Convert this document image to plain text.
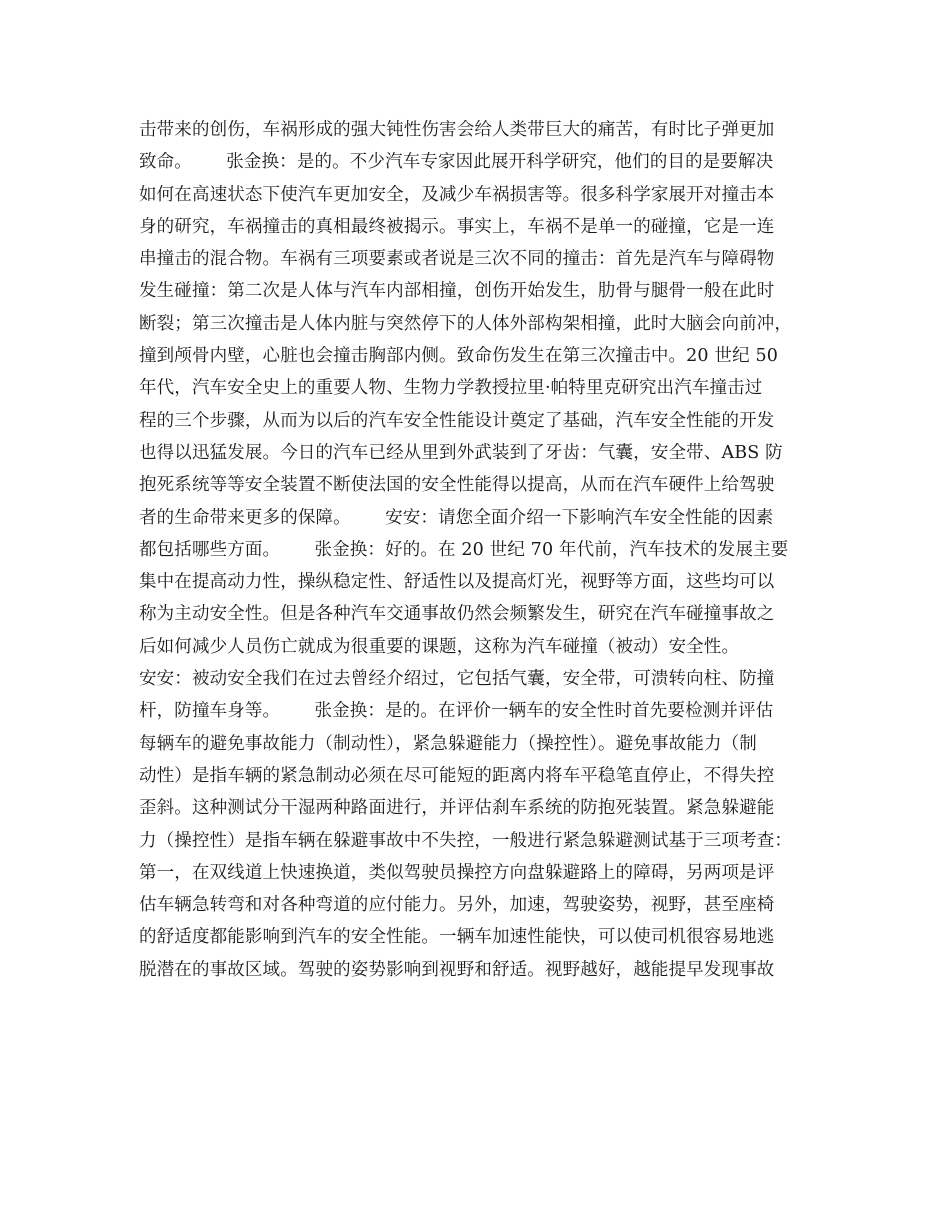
击带来的创伤，车祸形成的强大钝性伤害会给人类带巨大的痛苦，有时比子弹更加
致命。      张金换：是的。不少汽车专家因此展开科学研究，他们的目的是要解决
如何在高速状态下使汽车更加安全，及减少车祸损害等。很多科学家展开对撞击本
身的研究，车祸撞击的真相最终被揭示。事实上，车祸不是单一的碰撞，它是一连
串撞击的混合物。车祸有三项要素或者说是三次不同的撞击：首先是汽车与障碍物
发生碰撞：第二次是人体与汽车内部相撞，创伤开始发生，肋骨与腿骨一般在此时
断裂；第三次撞击是人体内脏与突然停下的人体外部构架相撞，此时大脑会向前冲，
撞到颅骨内壁，心脏也会撞击胸部内侧。致命伤发生在第三次撞击中。20 世纪 50
年代，汽车安全史上的重要人物、生物力学教授拉里·帕特里克研究出汽车撞击过
程的三个步骤，从而为以后的汽车安全性能设计奠定了基础，汽车安全性能的开发
也得以迅猛发展。今日的汽车已经从里到外武装到了牙齿：气囊，安全带、ABS 防
抱死系统等等安全装置不断使法国的安全性能得以提高，从而在汽车硬件上给驾驶
者的生命带来更多的保障。      安安：请您全面介绍一下影响汽车安全性能的因素
都包括哪些方面。      张金换：好的。在 20 世纪 70 年代前，汽车技术的发展主要
集中在提高动力性，操纵稳定性、舒适性以及提高灯光，视野等方面，这些均可以
称为主动安全性。但是各种汽车交通事故仍然会频繁发生，研究在汽车碰撞事故之
后如何减少人员伤亡就成为很重要的课题，这称为汽车碰撞（被动）安全性。
安安：被动安全我们在过去曾经介绍过，它包括气囊，安全带，可溃转向柱、防撞
杆，防撞车身等。      张金换：是的。在评价一辆车的安全性时首先要检测并评估
每辆车的避免事故能力（制动性），紧急躲避能力（操控性）。避免事故能力（制
动性）是指车辆的紧急制动必须在尽可能短的距离内将车平稳笔直停止，不得失控
歪斜。这种测试分干湿两种路面进行，并评估刹车系统的防抱死装置。紧急躲避能
力（操控性）是指车辆在躲避事故中不失控，一般进行紧急躲避测试基于三项考查：
第一，在双线道上快速换道，类似驾驶员操控方向盘躲避路上的障碍，另两项是评
估车辆急转弯和对各种弯道的应付能力。另外，加速，驾驶姿势，视野，甚至座椅
的舒适度都能影响到汽车的安全性能。一辆车加速性能快，可以使司机很容易地逃
脱潜在的事故区域。驾驶的姿势影响到视野和舒适。视野越好，越能提早发现事故
